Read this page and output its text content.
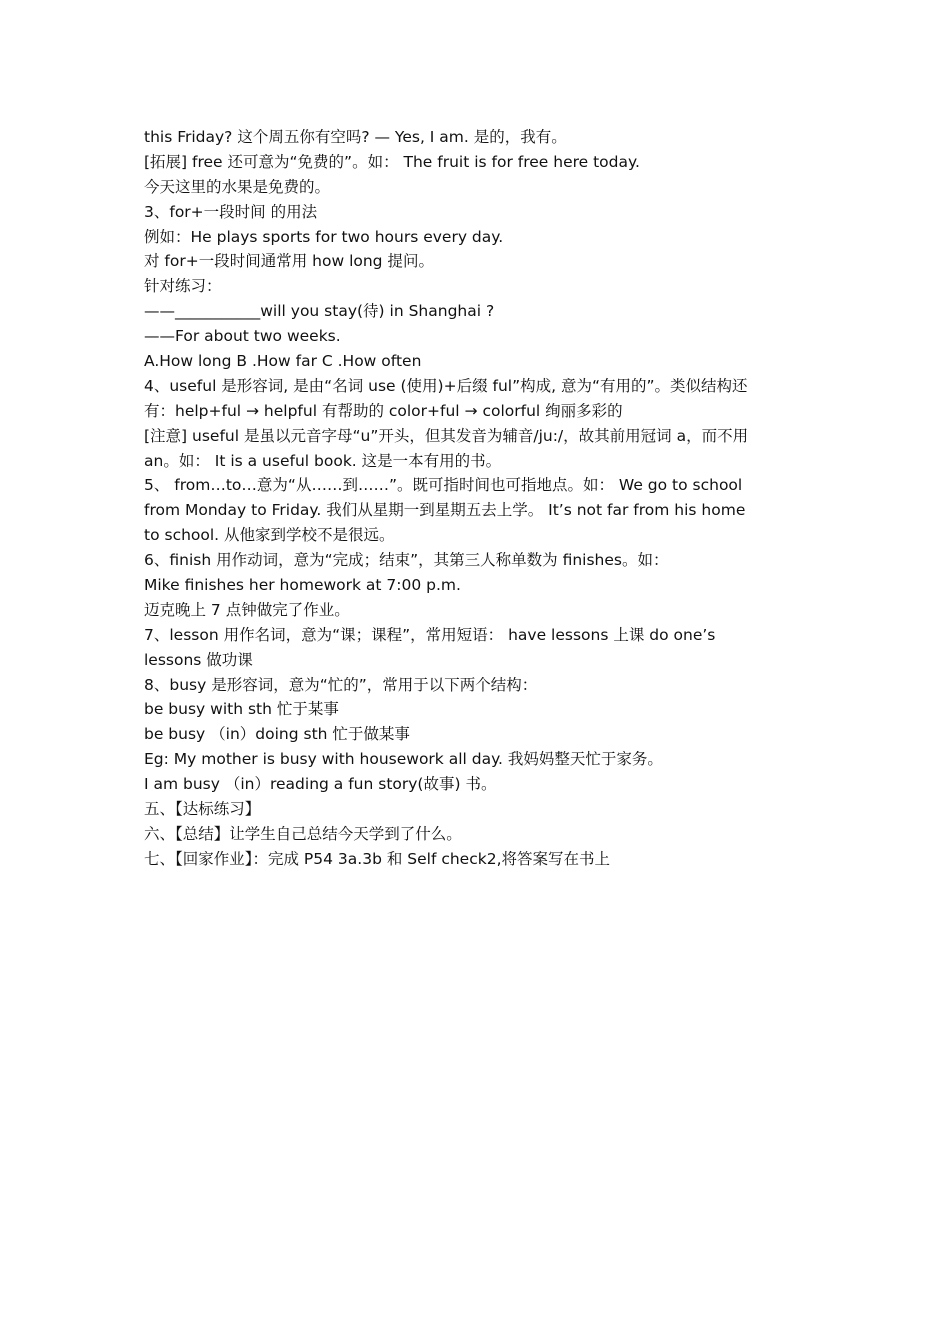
this Friday? 这个周五你有空吗? — Yes, I am. 是的，我有。
[拓展] free 还可意为“免费的”。如： The fruit is for free here today.
今天这里的水果是免费的。
3、for+一段时间 的用法
例如：He plays sports for two hours every day.
对 for+一段时间通常用 how long 提问。
针对练习：
——___________will you stay(待) in Shanghai ?
——For about two weeks.
A.How long B .How far C .How often
4、useful 是形容词, 是由“名词 use (使用)+后缀 ful”构成, 意为“有用的”。类似结构还
有：help+ful → helpful 有帮助的 color+ful → colorful 绚丽多彩的
[注意] useful 是虽以元音字母“u”开头，但其发音为辅音/ju:/，故其前用冠词 a，而不用
an。如： It is a useful book. 这是一本有用的书。
5、 from…to…意为“从……到……”。既可指时间也可指地点。如： We go to school
from Monday to Friday. 我们从星期一到星期五去上学。 It’s not far from his home
to school. 从他家到学校不是很远。
6、finish 用作动词，意为“完成；结束”，其第三人称单数为 finishes。如：
Mike finishes her homework at 7:00 p.m.
迈克晚上 7 点钟做完了作业。
7、lesson 用作名词，意为“课；课程”，常用短语： have lessons 上课 do one’s
lessons 做功课
8、busy 是形容词，意为“忙的”，常用于以下两个结构：
be busy with sth 忙于某事
be busy （in）doing sth 忙于做某事
Eg: My mother is busy with housework all day. 我妈妈整天忙于家务。
I am busy （in）reading a fun story(故事) 书。
五、【达标练习】
六、【总结】让学生自己总结今天学到了什么。
七、【回家作业】：完成 P54 3a.3b 和 Self check2,将答案写在书上
